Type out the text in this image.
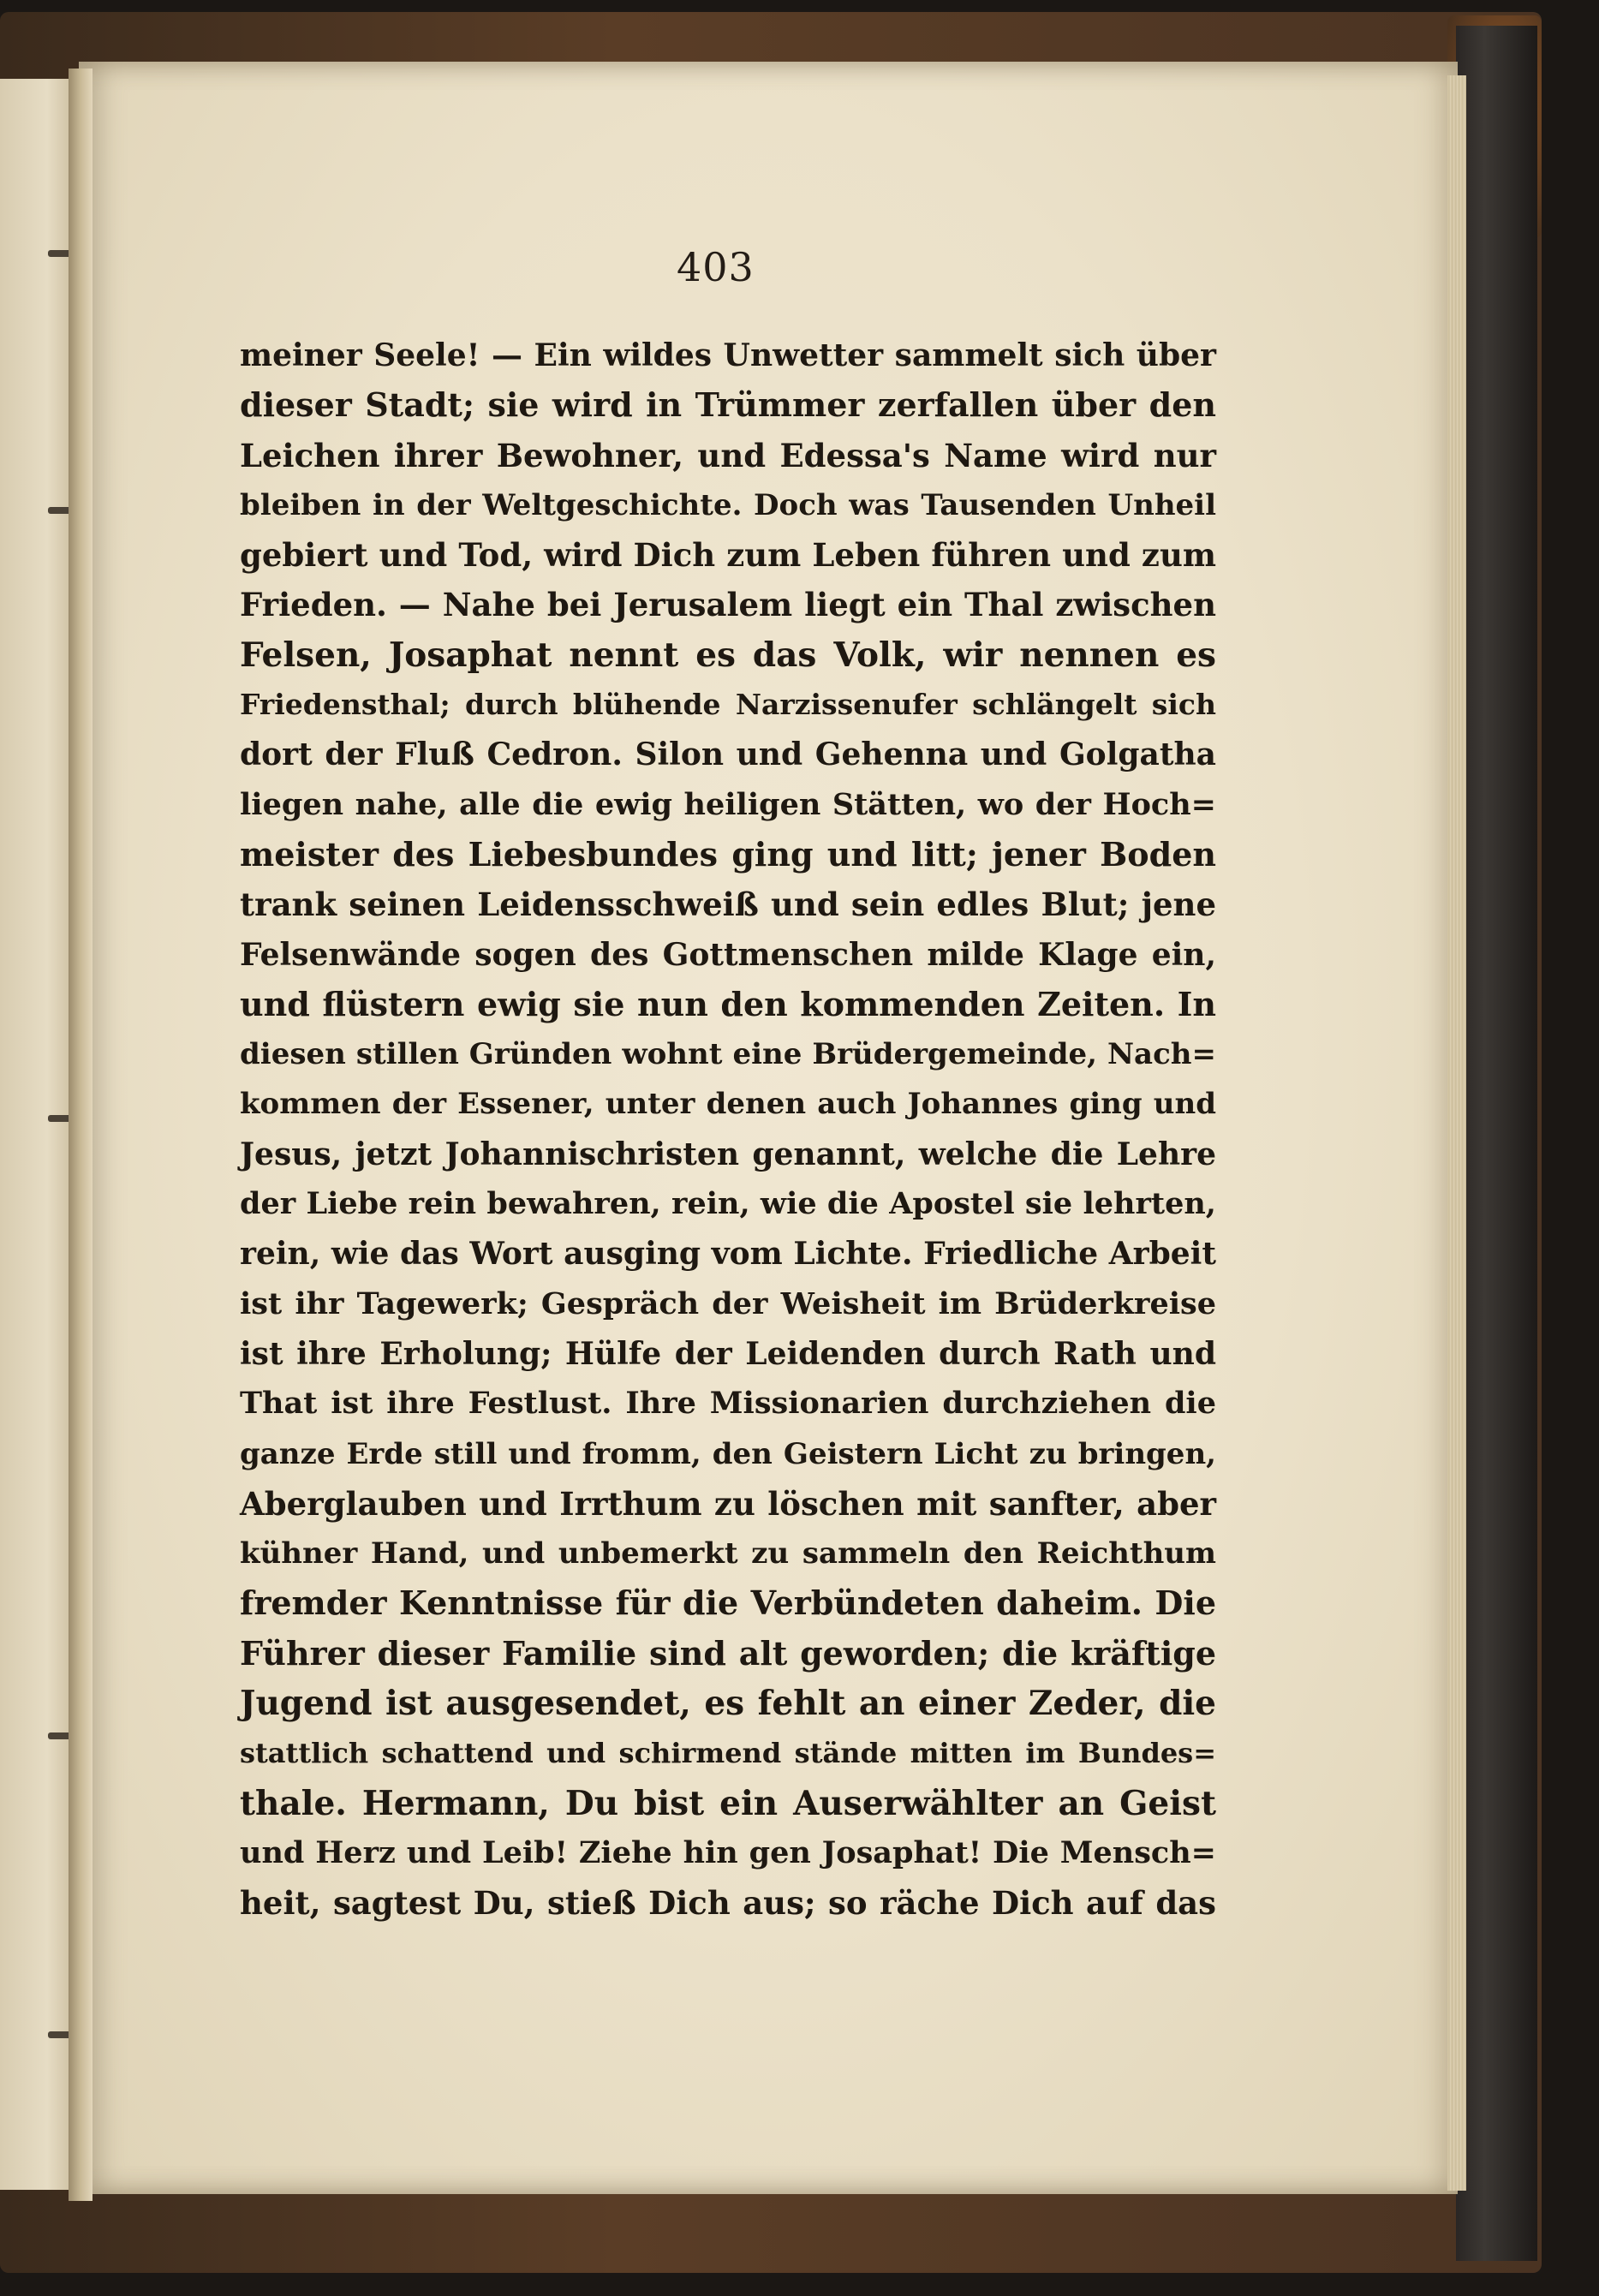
403
meiner Seele! — Ein wildes Unwetter sammelt sich über
dieser Stadt; sie wird in Trümmer zerfallen über den
Leichen ihrer Bewohner, und Edessa's Name wird nur
bleiben in der Weltgeschichte. Doch was Tausenden Unheil
gebiert und Tod, wird Dich zum Leben führen und zum
Frieden. — Nahe bei Jerusalem liegt ein Thal zwischen
Felsen, Josaphat nennt es das Volk, wir nennen es
Friedensthal; durch blühende Narzissenufer schlängelt sich
dort der Fluß Cedron. Silon und Gehenna und Golgatha
liegen nahe, alle die ewig heiligen Stätten, wo der Hoch=
meister des Liebesbundes ging und litt; jener Boden
trank seinen Leidensschweiß und sein edles Blut; jene
Felsenwände sogen des Gottmenschen milde Klage ein,
und flüstern ewig sie nun den kommenden Zeiten. In
diesen stillen Gründen wohnt eine Brüdergemeinde, Nach=
kommen der Essener, unter denen auch Johannes ging und
Jesus, jetzt Johannischristen genannt, welche die Lehre
der Liebe rein bewahren, rein, wie die Apostel sie lehrten,
rein, wie das Wort ausging vom Lichte. Friedliche Arbeit
ist ihr Tagewerk; Gespräch der Weisheit im Brüderkreise
ist ihre Erholung; Hülfe der Leidenden durch Rath und
That ist ihre Festlust. Ihre Missionarien durchziehen die
ganze Erde still und fromm, den Geistern Licht zu bringen,
Aberglauben und Irrthum zu löschen mit sanfter, aber
kühner Hand, und unbemerkt zu sammeln den Reichthum
fremder Kenntnisse für die Verbündeten daheim. Die
Führer dieser Familie sind alt geworden; die kräftige
Jugend ist ausgesendet, es fehlt an einer Zeder, die
stattlich schattend und schirmend stände mitten im Bundes=
thale. Hermann, Du bist ein Auserwählter an Geist
und Herz und Leib! Ziehe hin gen Josaphat! Die Mensch=
heit, sagtest Du, stieß Dich aus; so räche Dich auf das
